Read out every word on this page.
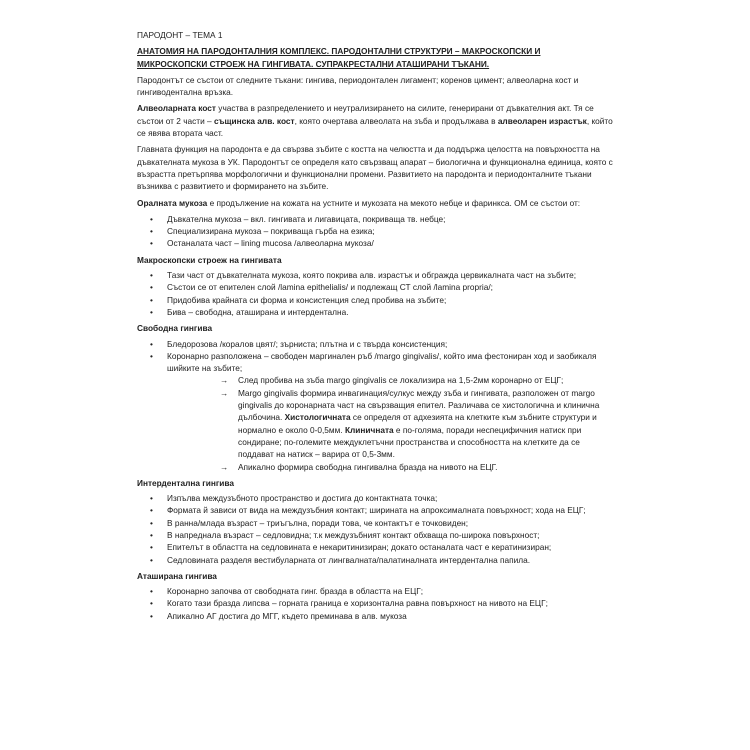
ПАРОДОНТ – ТЕМА 1
АНАТОМИЯ НА ПАРОДОНТАЛНИЯ КОМПЛЕКС. ПАРОДОНТАЛНИ СТРУКТУРИ – МАКРОСКОПСКИ И МИКРОСКОПСКИ СТРОЕЖ НА ГИНГИВАТА. СУПРАКРЕСТАЛНИ АТАШИРАНИ ТЪКАНИ.

Пародонтът се състои от следните тъкани: гингива, периодонтален лигамент; коренов цимент; алвеоларна кост и гингиводентална връзка.

Алвеоларната кост участва в разпределението и неутрализирането на силите, генерирани от дъвкателния акт. Тя се състои от 2 части – същинска алв. кост, която очертава алвеолата на зъба и продължава в алвеоларен израстък, който се явява втората част.

Главната функция на пародонта е да свързва зъбите с костта на челюстта и да поддържа целостта на повърхността на дъвкателната мукоза в УК. Пародонтът се определя като свързващ апарат – биологична и функционална единица, която с възрастта претърпява морфологични и функционални промени. Развитието на пародонта и периодонталните тъкани възниква с развитието и формирането на зъбите.

Оралната мукоза е продължение на кожата на устните и мукозата на мекото небце и фаринкса. ОМ се състои от:

• Дъвкателна мукоза – вкл. гингивата и лигавицата, покриваща тв. небце;
• Специализирана мукоза – покриваща гърба на езика;
• Останалата част – lining mucosa /алвеоларна мукоза/
Макроскопски строеж на гингивата
• Тази част от дъвкателната мукоза, която покрива алв. израстък и обгражда цервикалната част на зъбите;
• Състои се от епителен слой /lamina epithelialis/ и подлежащ СТ слой /lamina propria/;
• Придобива крайната си форма и консистенция след пробива на зъбите;
• Бива – свободна, аташирана и интердентална.
Свободна гингива
• Бледорозова /коралов цвят/; зърниста; плътна и с твърда консистенция;
• Коронарно разположена – свободен маргинален ръб /margo gingivalis/, който има фестониран ход и заобикаля шийките на зъбите;
→ След пробива на зъба margo gingivalis се локализира на 1,5-2мм коронарно от ЕЦГ;
→ Margo gingivalis формира инвагинация/сулкус между зъба и гингивата, разположен от margo gingivalis до коронарната част на свързващия епител. Различава се хистологична и клинична дълбочина. Хистологичната се определя от адхезията на клетките към зъбните структури и нормално е около 0-0,5мм. Клиничната е по-голяма, поради неспецифичния натиск при сондиране; по-големите междуклетъчни пространства и способността на клетките да се поддават на натиск – варира от 0,5-3мм.
→ Апикално формира свободна гингивална бразда на нивото на ЕЦГ.
Интердентална гингива
• Изпълва междузъбното пространство и достига до контактната точка;
• Формата й зависи от вида на междузъбния контакт; ширината на апроксималната повърхност; хода на ЕЦГ;
• В ранна/млада възраст – триъгълна, поради това, че контактът е точковиден;
• В напреднала възраст – седловидна; т.к междузъбният контакт обхваща по-широка повърхност;
• Епителът в областта на седловината е некаритинизиран; докато останалата част е кератинизиран;
• Седловината разделя вестибуларната от лингвалната/палатиналната интердентална папила.
Аташирана гингива
• Коронарно започва от свободната гинг. бразда в областта на ЕЦГ;
• Когато тази бразда липсва – горната граница е хоризонтална равна повърхност на нивото на ЕЦГ;
• Апикално АГ достига до МГГ, където преминава в алв. мукоза
